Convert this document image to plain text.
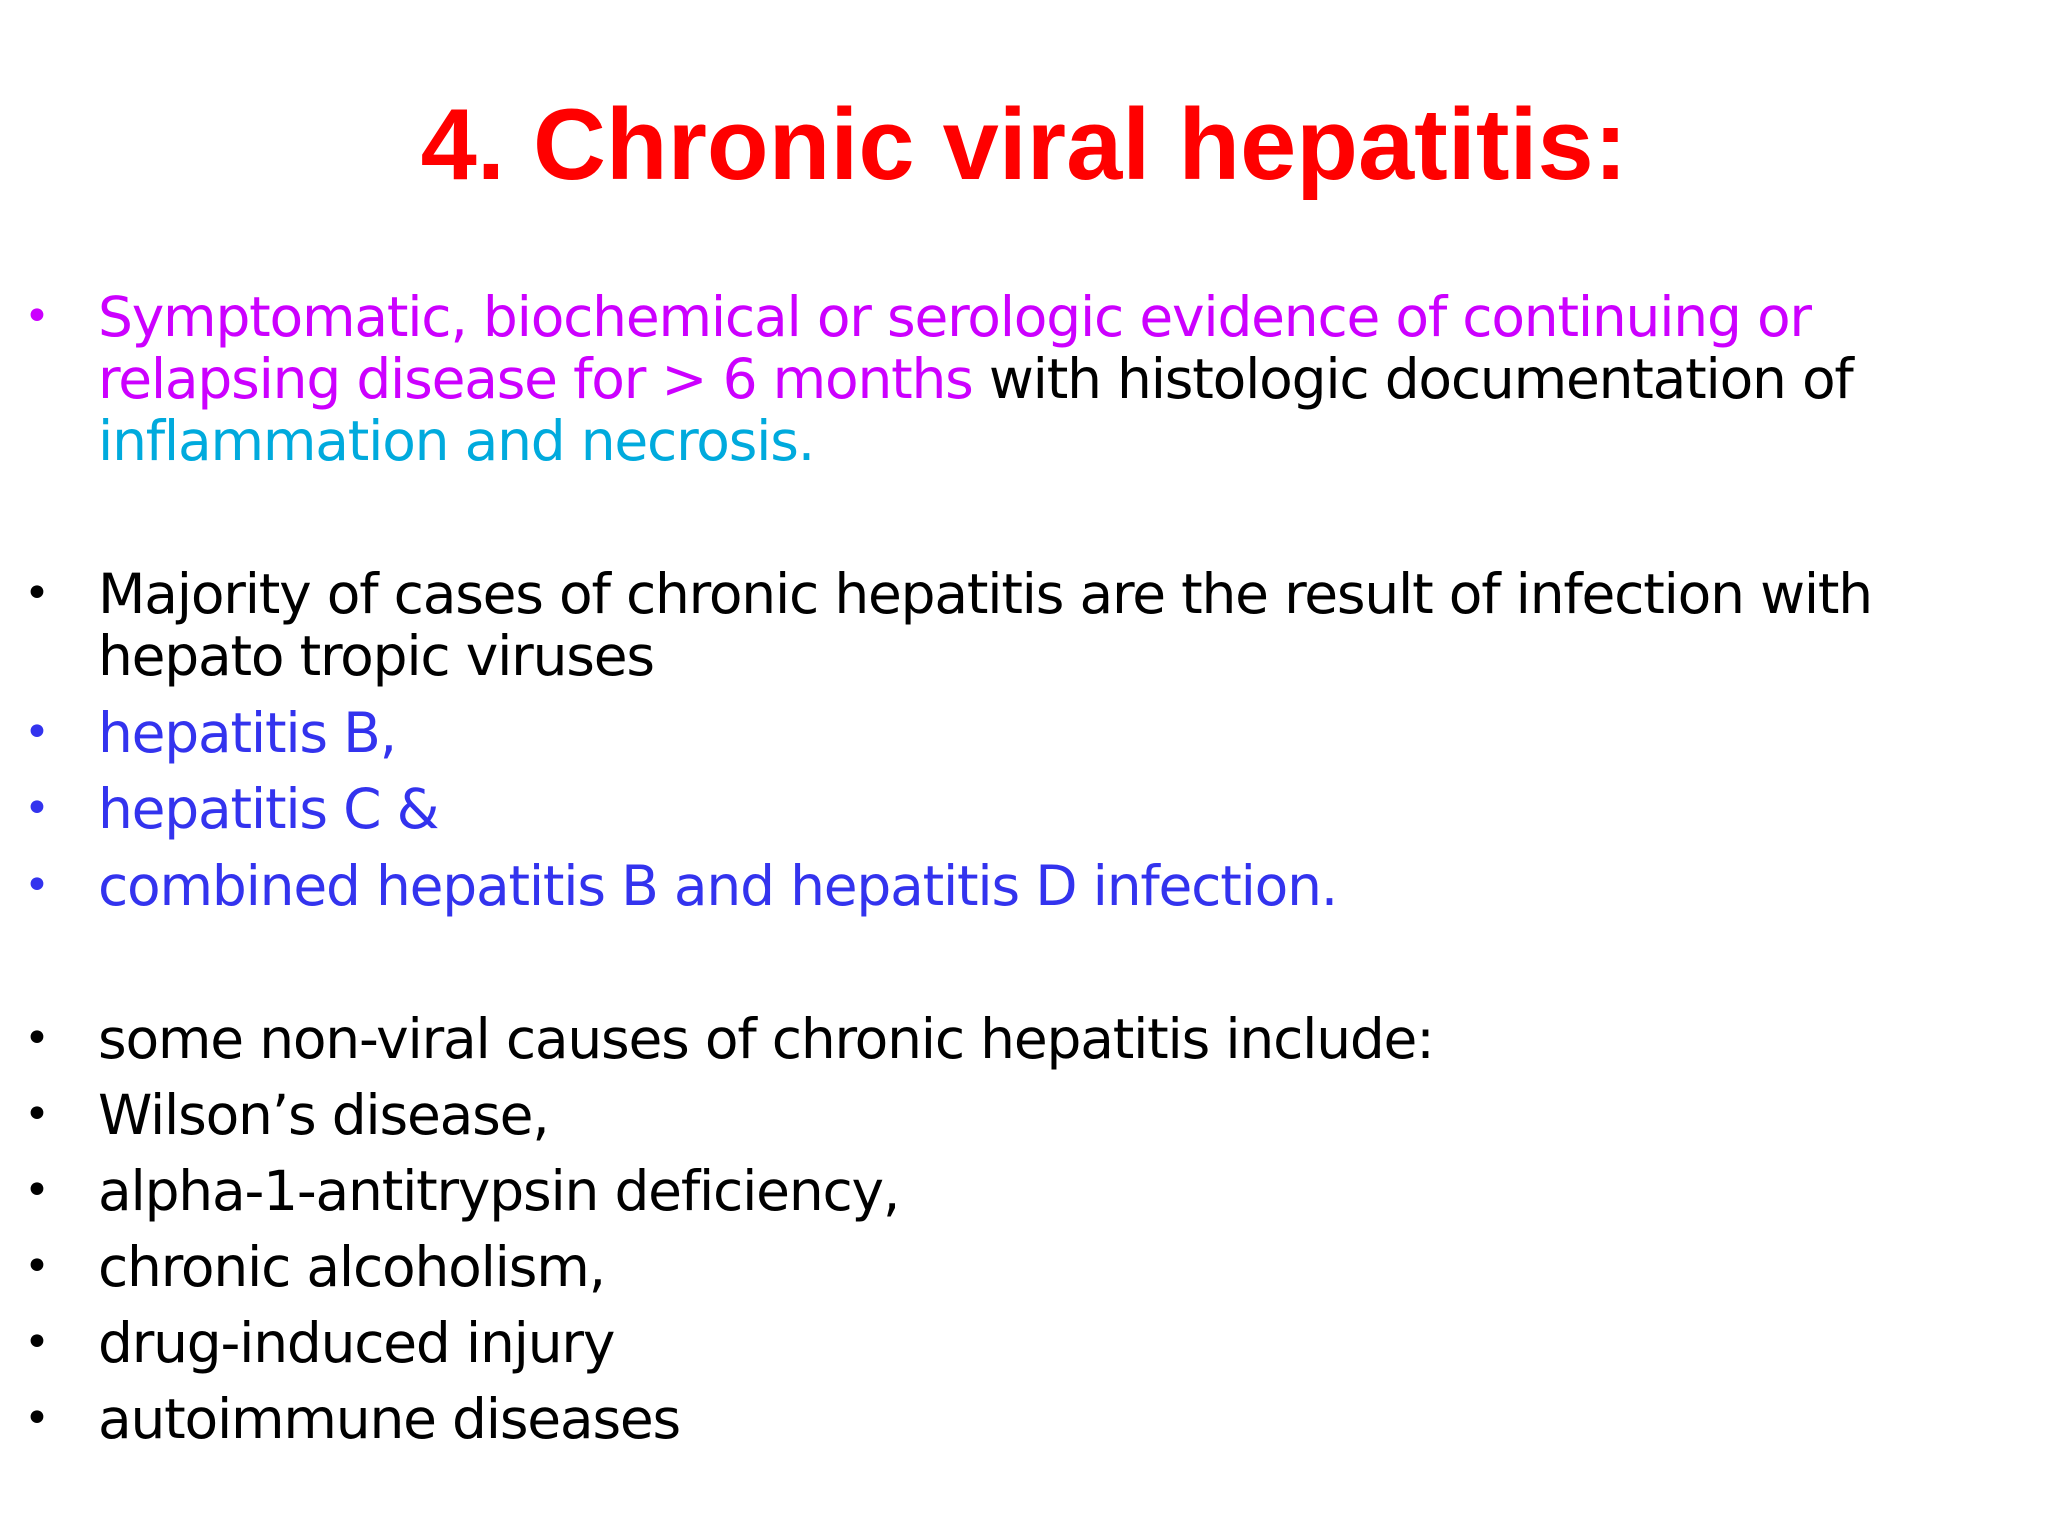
4. Chronic viral hepatitis:
• Symptomatic, biochemical or serologic evidence of continuing or relapsing disease for > 6 months with histologic documentation of inflammation and necrosis.
• Majority of cases of chronic hepatitis are the result of infection with hepato tropic viruses
• hepatitis B,
• hepatitis C &
• combined hepatitis B and hepatitis D infection.
• some non-viral causes of chronic hepatitis include:
• Wilson’s disease,
• alpha-1-antitrypsin deficiency,
• chronic alcoholism,
• drug-induced injury
• autoimmune diseases
